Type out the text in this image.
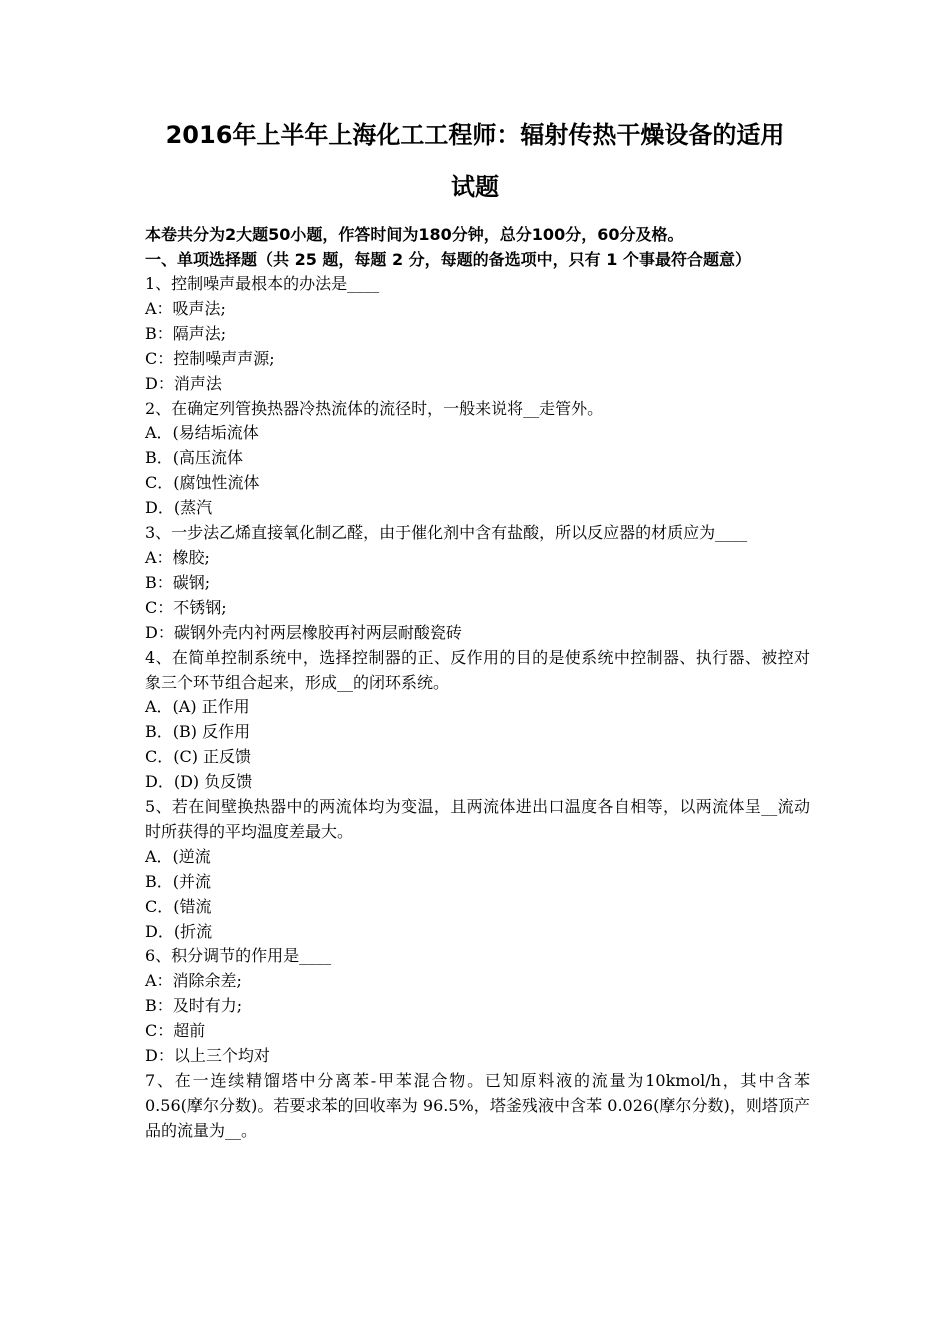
2016年上半年上海化工工程师：辐射传热干燥设备的适用
试题
本卷共分为2大题50小题，作答时间为180分钟，总分100分，60分及格。
一、单项选择题（共 25 题，每题 2 分，每题的备选项中，只有 1 个事最符合题意）
1、控制噪声最根本的办法是____
A：吸声法;
B：隔声法;
C：控制噪声声源;
D：消声法
2、在确定列管换热器冷热流体的流径时，一般来说将__走管外。
A．(易结垢流体
B．(高压流体
C．(腐蚀性流体
D．(蒸汽
3、一步法乙烯直接氧化制乙醛，由于催化剂中含有盐酸，所以反应器的材质应为____
A：橡胶;
B：碳钢;
C：不锈钢;
D：碳钢外壳内衬两层橡胶再衬两层耐酸瓷砖
4、在简单控制系统中，选择控制器的正、反作用的目的是使系统中控制器、执行器、被控对象三个环节组合起来，形成__的闭环系统。
A．(A) 正作用
B．(B) 反作用
C．(C) 正反馈
D．(D) 负反馈
5、若在间壁换热器中的两流体均为变温，且两流体进出口温度各自相等，以两流体呈__流动时所获得的平均温度差最大。
A．(逆流
B．(并流
C．(错流
D．(折流
6、积分调节的作用是____
A：消除余差;
B：及时有力;
C：超前
D：以上三个均对
7、在一连续精馏塔中分离苯-甲苯混合物。已知原料液的流量为10kmol/h，其中含苯 0.56(摩尔分数)。若要求苯的回收率为 96.5%，塔釜残液中含苯 0.026(摩尔分数)，则塔顶产品的流量为__。
